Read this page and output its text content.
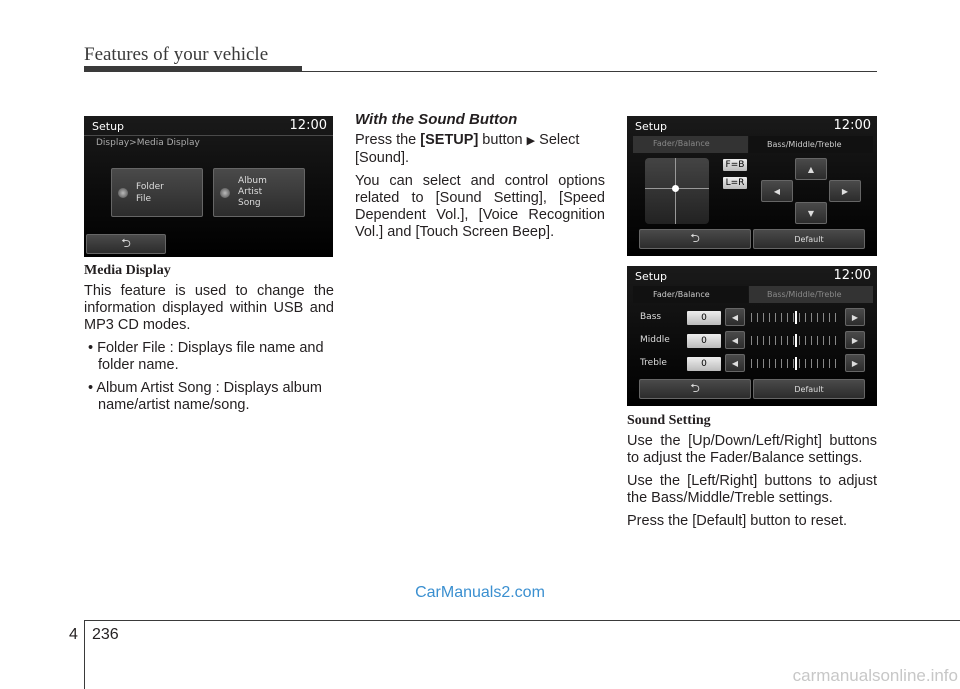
Features of your vehicle
Setup	12:00
Display>Media Display
Folder
File
Album
Artist
Song
⮌
Media Display

This feature is used to change the information displayed within USB and MP3 CD modes.

• Folder File : Displays file name and folder name.
• Album Artist Song : Displays album name/artist name/song.
With the Sound Button

Press the [SETUP] button ▶ Select [Sound].

You can select and control options related to [Sound Setting], [Speed Dependent Vol.], [Voice Recognition Vol.] and [Touch Screen Beep].

Setup	12:00
Fader/Balance	Bass/Middle/Treble
F=B
L=R
▲
◀	▶
▼
⮌	Default
Setup	12:00
Fader/Balance	Bass/Middle/Treble
Bass	0	◀	▶
Middle	0	◀	▶
Treble	0	◀	▶
⮌	Default
Sound Setting

Use the [Up/Down/Left/Right] buttons to adjust the Fader/Balance settings.

Use the [Left/Right] buttons to adjust the Bass/Middle/Treble settings.

Press the [Default] button to reset.

CarManuals2.com
4 236
carmanualsonline.info
